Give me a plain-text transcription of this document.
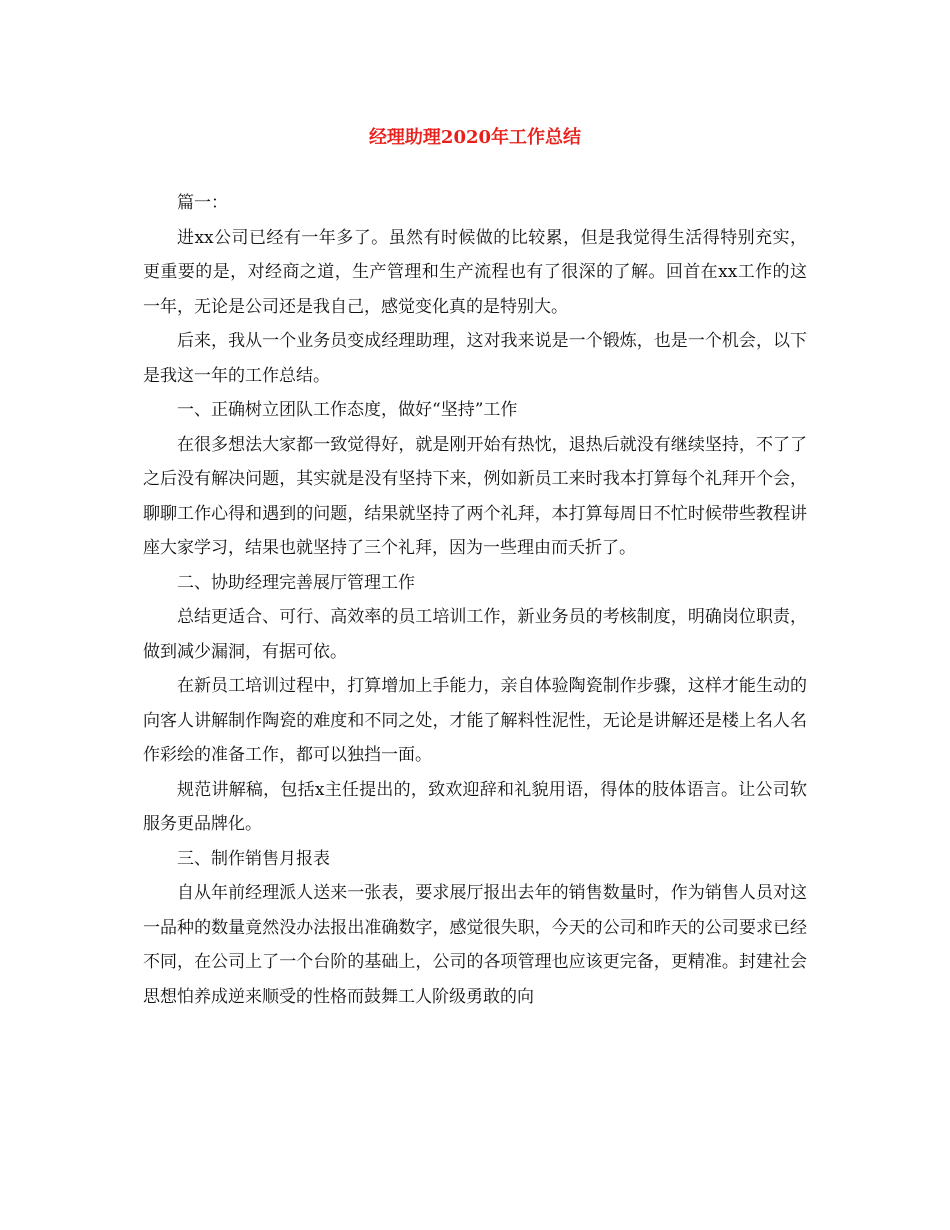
经理助理2020年工作总结

篇一：

进xx公司已经有一年多了。虽然有时候做的比较累，但是我觉得生活得特别充实，更重要的是，对经商之道，生产管理和生产流程也有了很深的了解。回首在xx工作的这一年，无论是公司还是我自己，感觉变化真的是特别大。

后来，我从一个业务员变成经理助理，这对我来说是一个锻炼，也是一个机会，以下是我这一年的工作总结。

一、正确树立团队工作态度，做好“坚持”工作

在很多想法大家都一致觉得好，就是刚开始有热忱，退热后就没有继续坚持，不了了之后没有解决问题，其实就是没有坚持下来，例如新员工来时我本打算每个礼拜开个会，聊聊工作心得和遇到的问题，结果就坚持了两个礼拜，本打算每周日不忙时候带些教程讲座大家学习，结果也就坚持了三个礼拜，因为一些理由而夭折了。

二、协助经理完善展厅管理工作

总结更适合、可行、高效率的员工培训工作，新业务员的考核制度，明确岗位职责，做到减少漏洞，有据可依。

在新员工培训过程中，打算增加上手能力，亲自体验陶瓷制作步骤，这样才能生动的向客人讲解制作陶瓷的难度和不同之处，才能了解料性泥性，无论是讲解还是楼上名人名作彩绘的准备工作，都可以独挡一面。

规范讲解稿，包括x主任提出的，致欢迎辞和礼貌用语，得体的肢体语言。让公司软服务更品牌化。

三、制作销售月报表

自从年前经理派人送来一张表，要求展厅报出去年的销售数量时，作为销售人员对这一品种的数量竟然没办法报出准确数字，感觉很失职，今天的公司和昨天的公司要求已经不同，在公司上了一个台阶的基础上，公司的各项管理也应该更完备，更精准。封建社会思想怕养成逆来顺受的性格而鼓舞工人阶级勇敢的向
